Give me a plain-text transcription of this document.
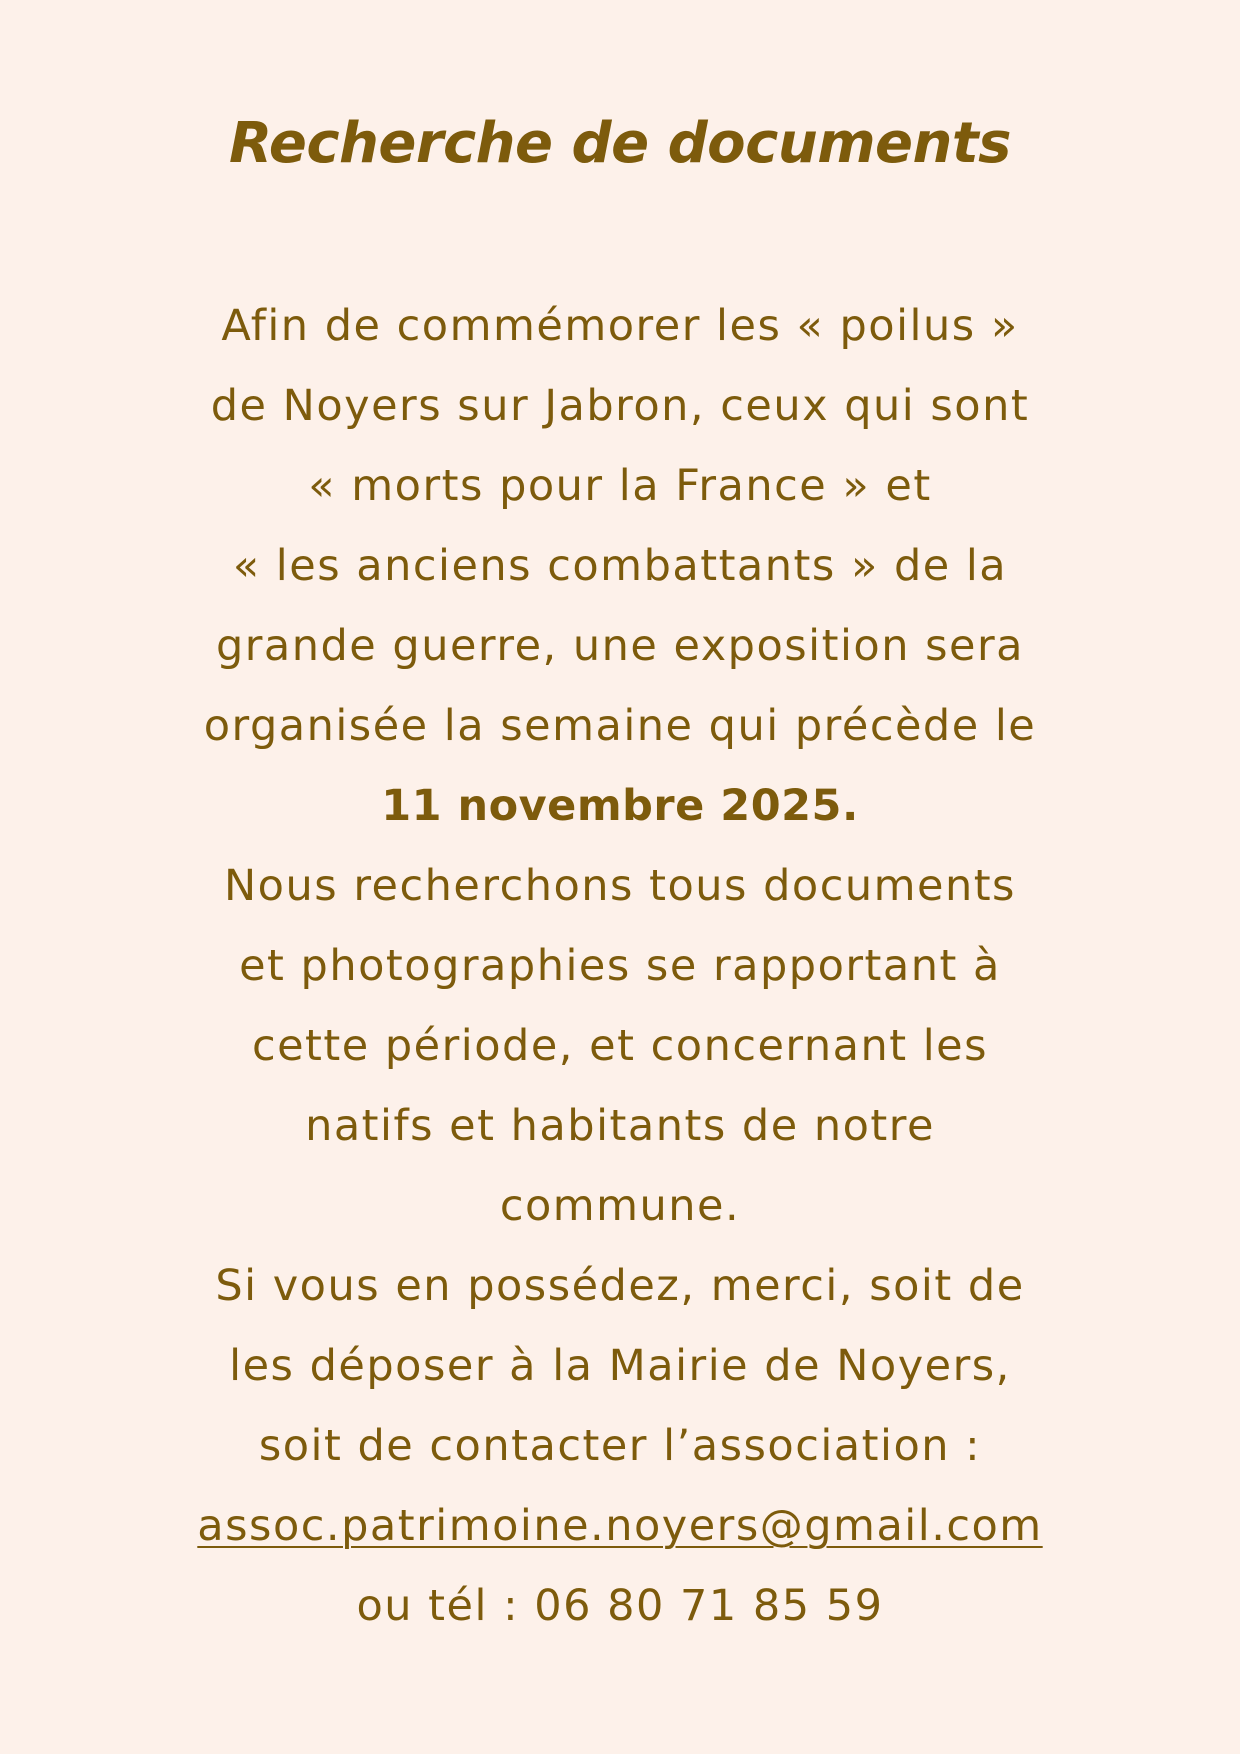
Recherche de documents
Afin de commémorer les « poilus »
de Noyers sur Jabron, ceux qui sont
« morts pour la France » et
« les anciens combattants » de la
grande guerre, une exposition sera
organisée la semaine qui précède le
11 novembre 2025.
Nous recherchons tous documents
et photographies se rapportant à
cette période, et concernant les
natifs et habitants de notre
commune.
Si vous en possédez, merci, soit de
les déposer à la Mairie de Noyers,
soit de contacter l’association :
assoc.patrimoine.noyers@gmail.com
ou tél : 06 80 71 85 59
